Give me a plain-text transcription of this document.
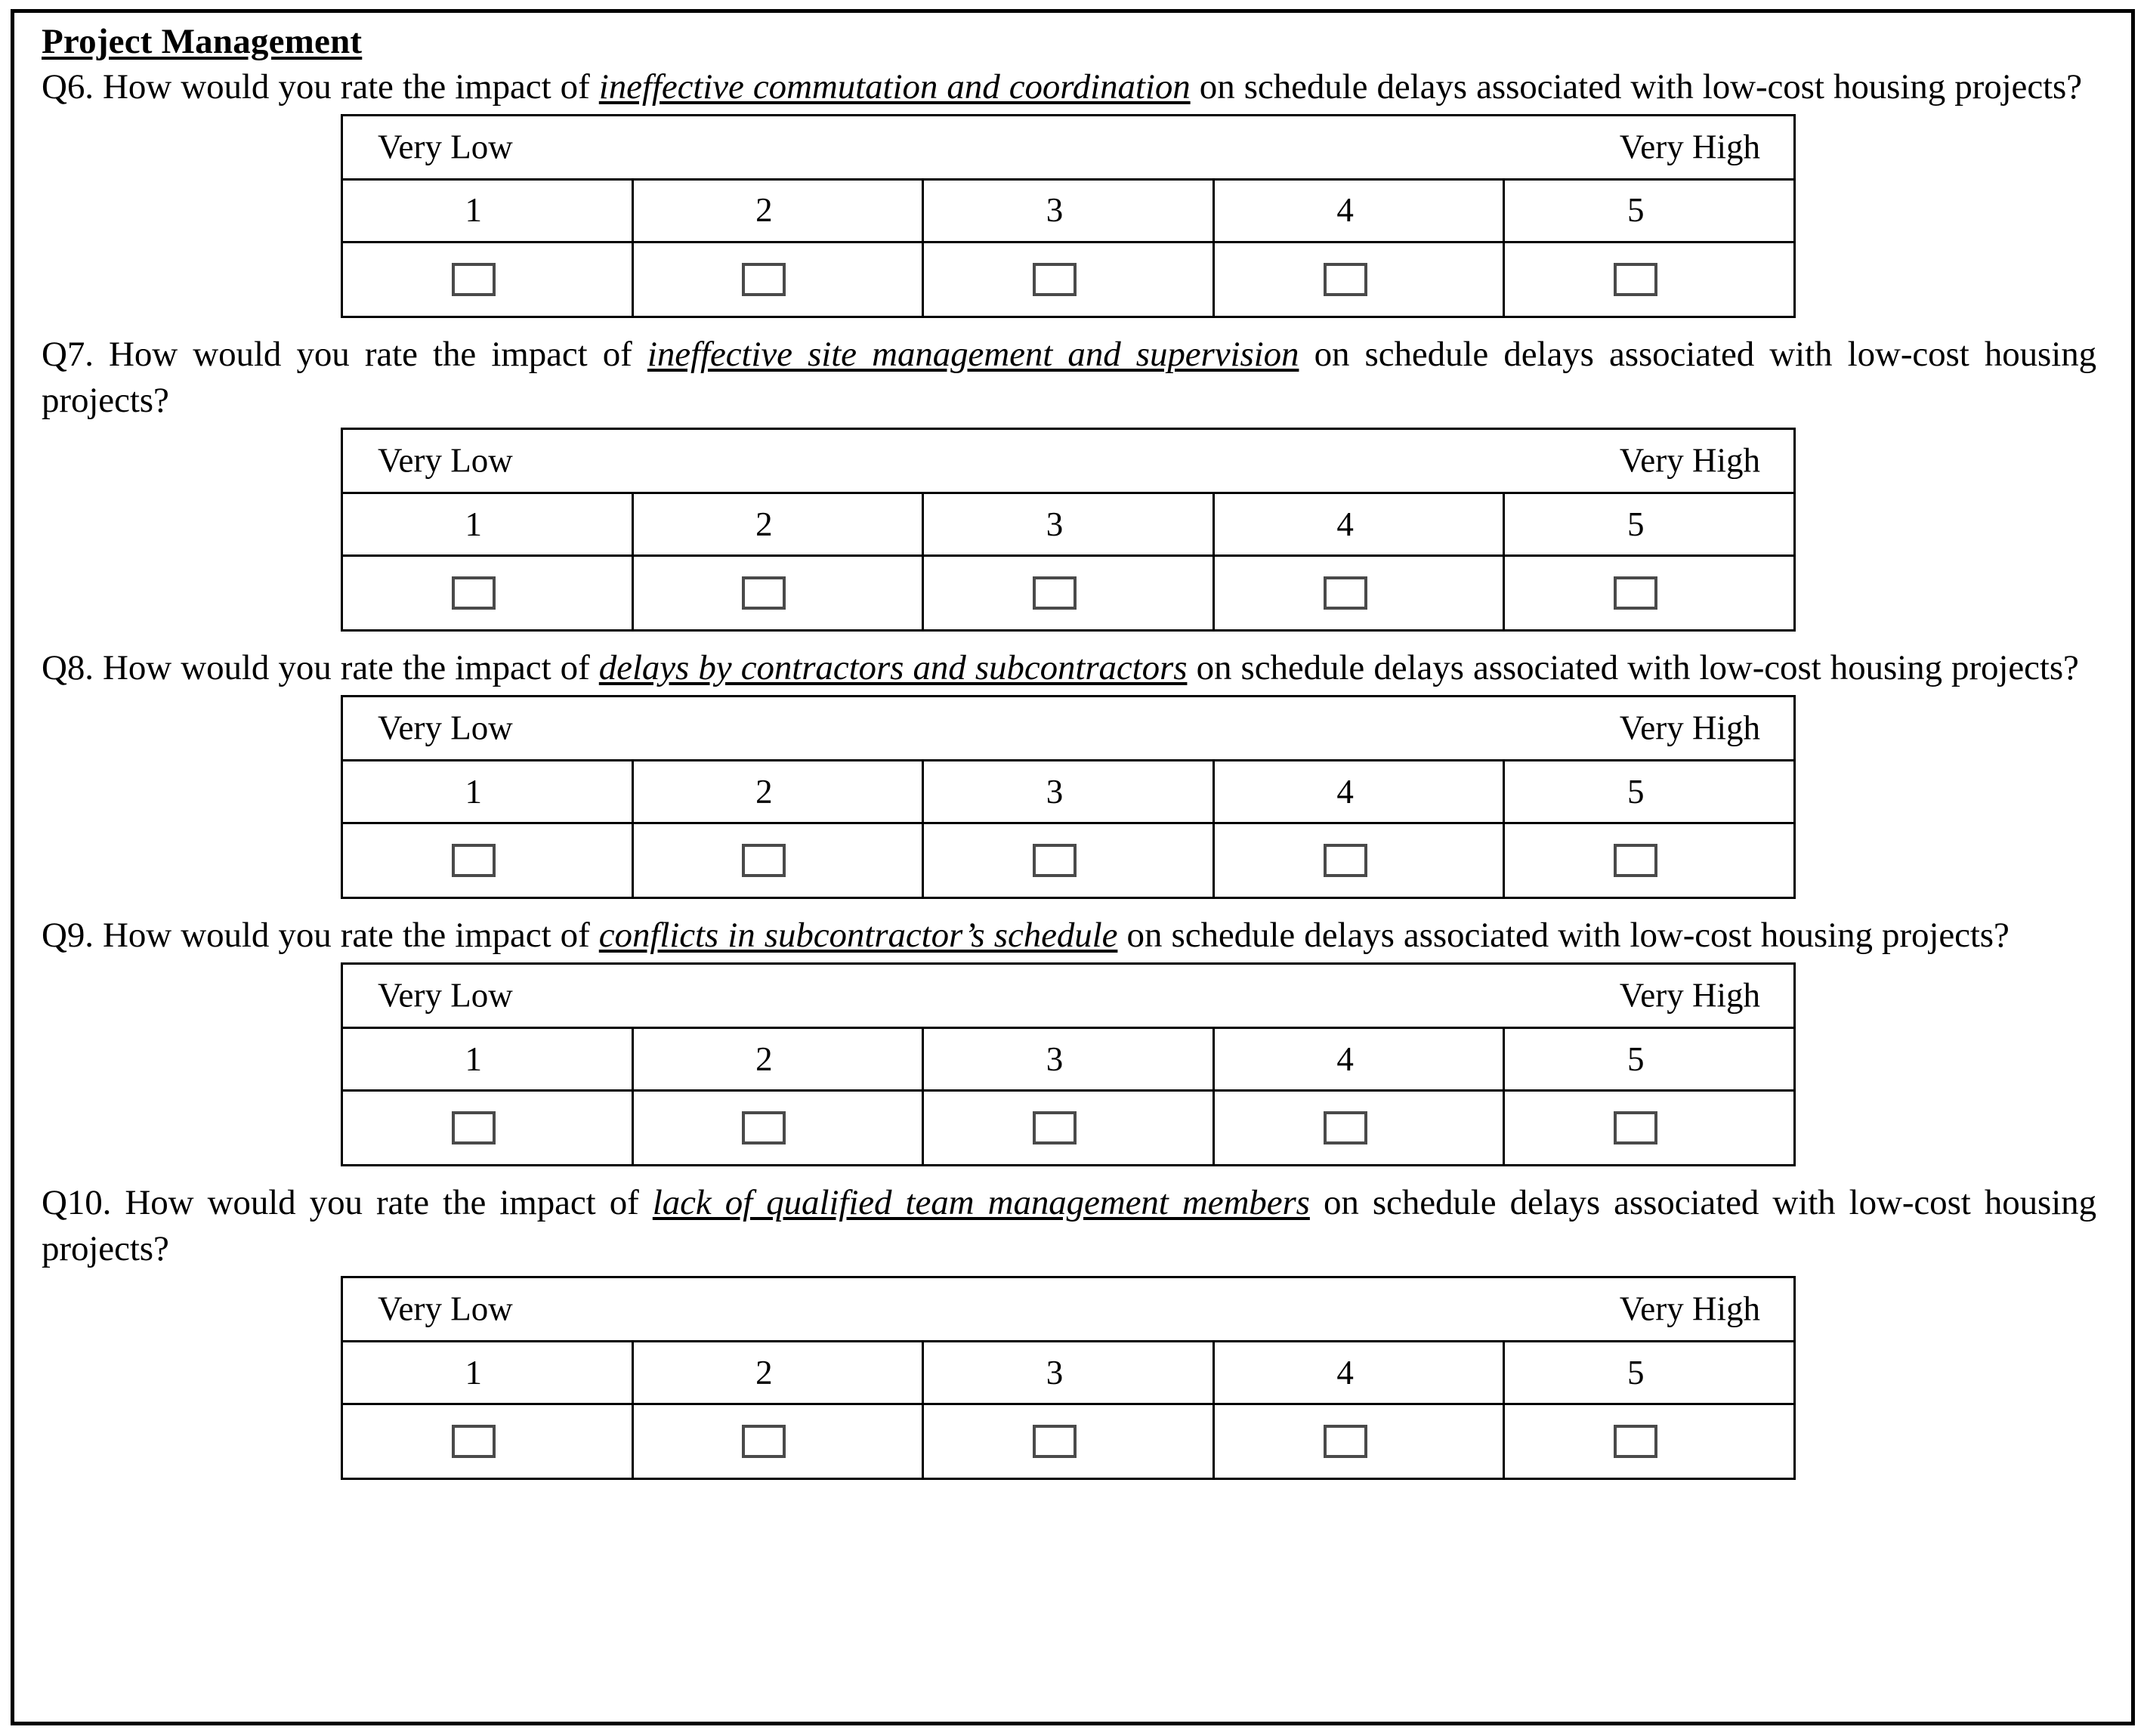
Project Management

Q6. How would you rate the impact of ineffective commutation and coordination on schedule delays associated with low-cost housing projects?

Very Low Very High				

1	2	3	4	5

Q7. How would you rate the impact of ineffective site management and supervision on schedule delays associated with low-cost housing projects?

Very Low Very High				

1	2	3	4	5

Q8. How would you rate the impact of delays by contractors and subcontractors on schedule delays associated with low-cost housing projects?

Very Low Very High				

1	2	3	4	5

Q9. How would you rate the impact of conflicts in subcontractor’s schedule on schedule delays associated with low-cost housing projects?

Very Low Very High				

1	2	3	4	5

Q10. How would you rate the impact of lack of qualified team management members on schedule delays associated with low-cost housing projects?

Very Low Very High				

1	2	3	4	5
